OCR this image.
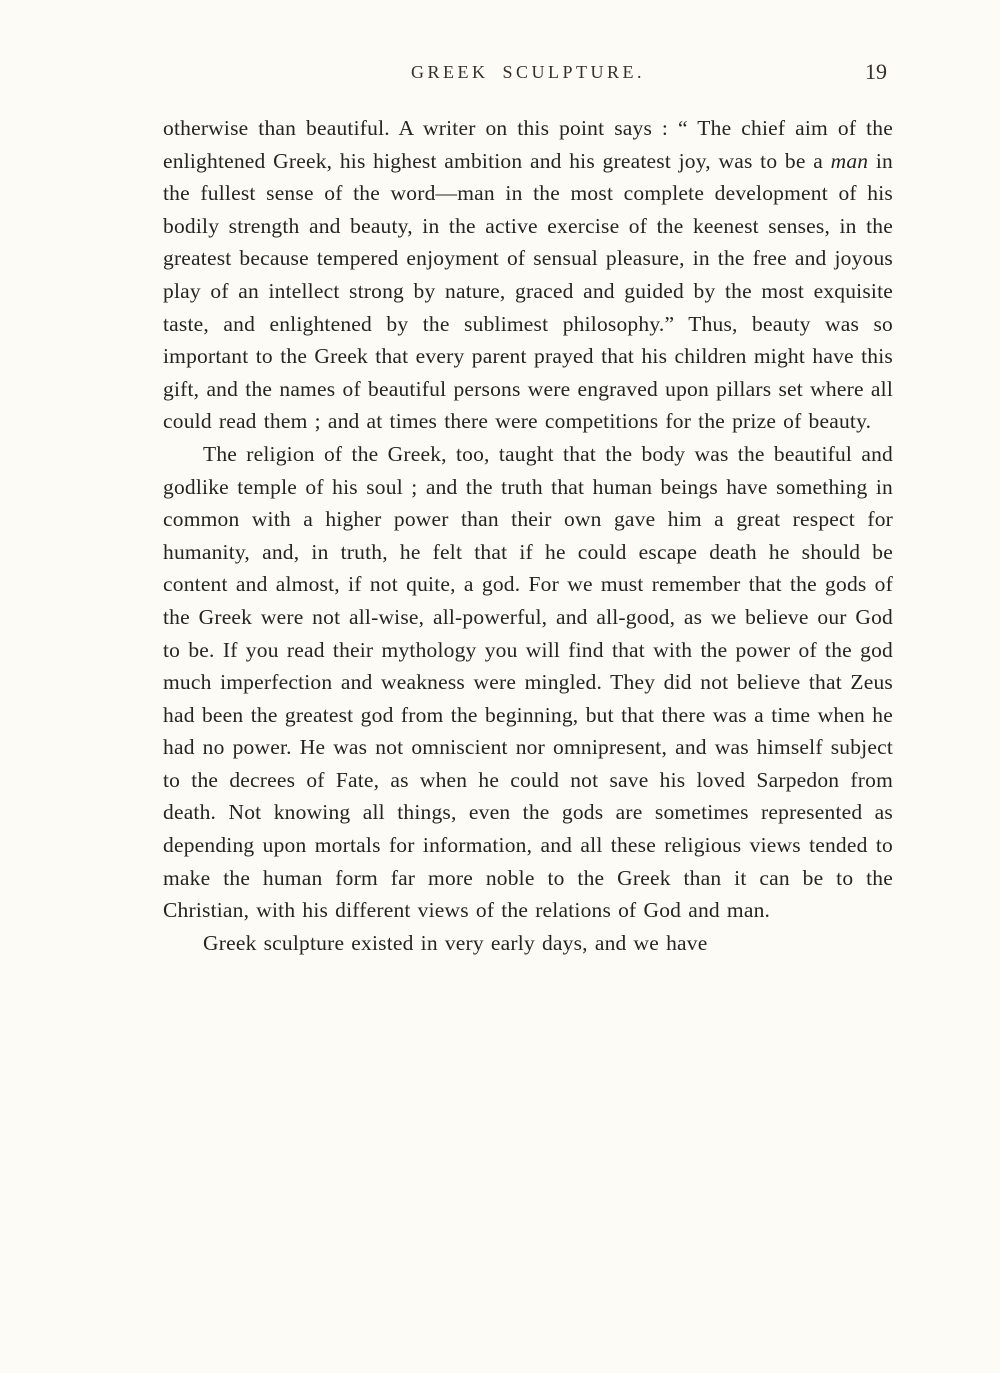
GREEK SCULPTURE.	19

otherwise than beautiful. A writer on this point says : “ The chief aim of the enlightened Greek, his highest ambition and his greatest joy, was to be a man in the fullest sense of the word—man in the most complete development of his bodily strength and beauty, in the active exercise of the keenest senses, in the greatest because tempered enjoyment of sensual pleasure, in the free and joyous play of an intellect strong by nature, graced and guided by the most exquisite taste, and enlightened by the sublimest philosophy.” Thus, beauty was so important to the Greek that every parent prayed that his children might have this gift, and the names of beautiful persons were engraved upon pillars set where all could read them ; and at times there were competitions for the prize of beauty.

The religion of the Greek, too, taught that the body was the beautiful and godlike temple of his soul ; and the truth that human beings have something in common with a higher power than their own gave him a great respect for humanity, and, in truth, he felt that if he could escape death he should be content and almost, if not quite, a god. For we must remember that the gods of the Greek were not all-wise, all-powerful, and all-good, as we believe our God to be. If you read their mythology you will find that with the power of the god much imperfection and weakness were mingled. They did not believe that Zeus had been the greatest god from the beginning, but that there was a time when he had no power. He was not omniscient nor omnipresent, and was himself subject to the decrees of Fate, as when he could not save his loved Sarpedon from death. Not knowing all things, even the gods are sometimes represented as depending upon mortals for information, and all these religious views tended to make the human form far more noble to the Greek than it can be to the Christian, with his different views of the relations of God and man.

Greek sculpture existed in very early days, and we have
